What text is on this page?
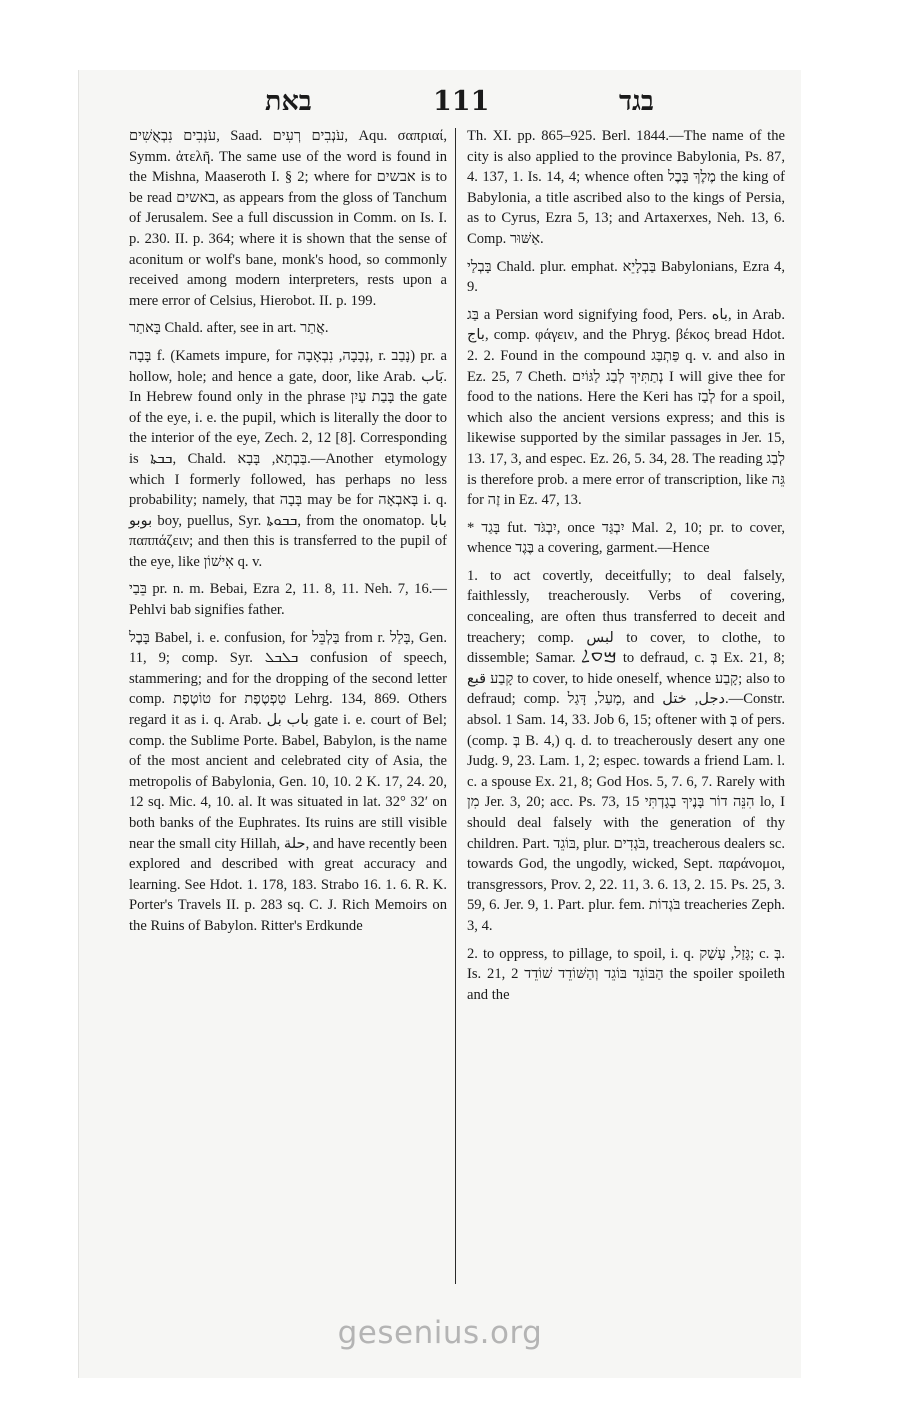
באת	111	בגד

עֹנְבִים נִבְאֻשִׁים, Saad. עֹנְבִים רְעִים, Aqu. σαπριαί, Symm. ἀτελῆ. The same use of the word is found in the Mishna, Maaseroth I. § 2; where for אבשים is to be read באשים, as appears from the gloss of Tanchum of Jerusalem. See a full discussion in Comm. on Is. I. p. 230. II. p. 364; where it is shown that the sense of aconitum or wolf's bane, monk's hood, so commonly received among modern interpreters, rests upon a mere error of Celsius, Hierobot. II. p. 199.

בָּאתַר Chald. after, see in art. אֲתַר.

בָּבָה f. (Kamets impure, for נְבָבָה, נִבְאָבָה, r. נָבַב) pr. a hollow, hole; and hence a gate, door, like Arab. بَاب. In Hebrew found only in the phrase בָּבַת עַיִן the gate of the eye, i. e. the pupil, which is literally the door to the interior of the eye, Zech. 2, 12 [8]. Corresponding is ܒܒܬܐ, Chald. בַּבְתָא, בָּבָא.—Another etymology which I formerly followed, has perhaps no less probability; namely, that בָּבָה may be for בָּאבְאָה i. q. بوبو boy, puellus, Syr. ܒܒܘܬܐ, from the onomatop. بابا παππάζειν; and then this is transferred to the pupil of the eye, like אִישׁוֹן q. v.

בֵּבַי pr. n. m. Bebai, Ezra 2, 11. 8, 11. Neh. 7, 16.—Pehlvi bab signifies father.

בָּבֶל Babel, i. e. confusion, for בַּלְבֵּל from r. בָּלַל, Gen. 11, 9; comp. Syr. ܒܠܒܠ confusion of speech, stammering; and for the dropping of the second letter comp. טוֹטֶפֶת for טַפְטֶפֶת Lehrg. 134, 869. Others regard it as i. q. Arab. باب بل gate i. e. court of Bel; comp. the Sublime Porte. Babel, Babylon, is the name of the most ancient and celebrated city of Asia, the metropolis of Babylonia, Gen. 10, 10. 2 K. 17, 24. 20, 12 sq. Mic. 4, 10. al. It was situated in lat. 32° 32′ on both banks of the Euphrates. Its ruins are still visible near the small city Hillah, حلة, and have recently been explored and described with great accuracy and learning. See Hdot. 1. 178, 183. Strabo 16. 1. 6. R. K. Porter's Travels II. p. 283 sq. C. J. Rich Memoirs on the Ruins of Babylon. Ritter's Erdkunde

Th. XI. pp. 865–925. Berl. 1844.—The name of the city is also applied to the province Babylonia, Ps. 87, 4. 137, 1. Is. 14, 4; whence often מֶלֶךְ בָּבֶל the king of Babylonia, a title ascribed also to the kings of Persia, as to Cyrus, Ezra 5, 13; and Artaxerxes, Neh. 13, 6. Comp. אַשּׁוּר.

בָּבְלַי Chald. plur. emphat. בַּבְלָיֵא Babylonians, Ezra 4, 9.

בַּג a Persian word signifying food, Pers. باه, in Arab. باج, comp. φάγειν, and the Phryg. βέκος bread Hdot. 2. 2. Found in the compound פַּתְבַּג q. v. and also in Ez. 25, 7 Cheth. נְתַתִּיךָ לְבַג לַגּוֹיִם I will give thee for food to the nations. Here the Keri has לְבַז for a spoil, which also the ancient versions express; and this is likewise supported by the similar passages in Jer. 15, 13. 17, 3, and espec. Ez. 26, 5. 34, 28. The reading לְבַג is therefore prob. a mere error of transcription, like גֵּה for זֶה in Ez. 47, 13.

* בָּגַד fut. יִבְגֹּד, once יִבְגַּד Mal. 2, 10; pr. to cover, whence בֶּגֶד a covering, garment.—Hence

1. to act covertly, deceitfully; to deal falsely, faithlessly, treacherously. Verbs of covering, concealing, are often thus transferred to deceit and treachery; comp. لبس to cover, to clothe, to dissemble; Samar. ࠌࠏࠋ to defraud, c. בְּ Ex. 21, 8; קָבַע قبع to cover, to hide oneself, whence קָבַע; also to defraud; comp. מָעַל, דָּגַל, and دجل, ختل.—Constr. absol. 1 Sam. 14, 33. Job 6, 15; oftener with בְּ of pers. (comp. בְּ B. 4,) q. d. to treacherously desert any one Judg. 9, 23. Lam. 1, 2; espec. towards a friend Lam. l. c. a spouse Ex. 21, 8; God Hos. 5, 7. 6, 7. Rarely with מִן Jer. 3, 20; acc. Ps. 73, 15 הִנֵּה דוֹר בָּנֶיךָ בָגָדְתִּי lo, I should deal falsely with the generation of thy children. Part. בּוֹגֵד, plur. בֹּגְדִים, treacherous dealers sc. towards God, the ungodly, wicked, Sept. παράνομοι, transgressors, Prov. 2, 22. 11, 3. 6. 13, 2. 15. Ps. 25, 3. 59, 6. Jer. 9, 1. Part. plur. fem. בֹּגְדוֹת treacheries Zeph. 3, 4.

2. to oppress, to pillage, to spoil, i. q. גָּזַל, עָשַׁק; c. בְּ. Is. 21, 2 הַבּוֹגֵד בּוֹגֵד וְהַשּׁוֹדֵד שׁוֹדֵד the spoiler spoileth and the

gesenius.org
